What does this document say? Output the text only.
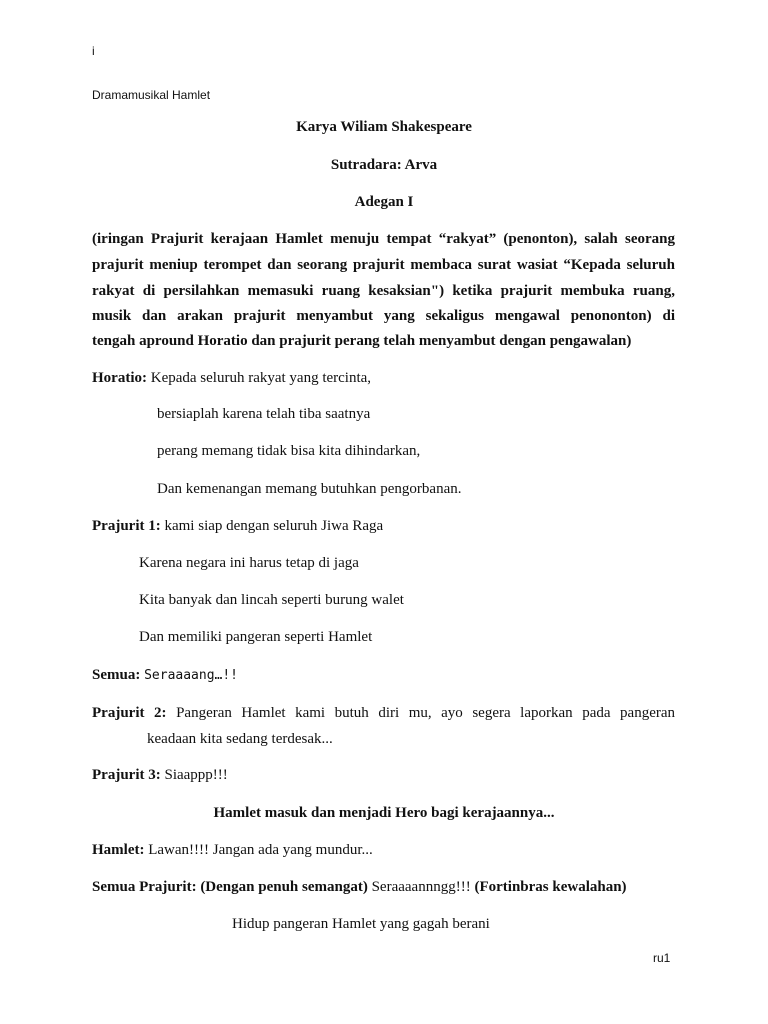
i
Dramamusikal Hamlet
Karya Wiliam Shakespeare
Sutradara: Arva
Adegan I
(iringan Prajurit kerajaan Hamlet menuju tempat “rakyat” (penonton), salah seorang
prajurit meniup terompet dan seorang prajurit membaca surat wasiat “Kepada seluruh
rakyat di persilahkan memasuki ruang kesaksian") ketika prajurit membuka ruang,
musik dan arakan prajurit menyambut yang sekaligus mengawal penononton) di
tengah apround Horatio dan prajurit perang telah menyambut dengan pengawalan)
Horatio: Kepada seluruh rakyat yang tercinta,
bersiaplah karena telah tiba saatnya
perang memang tidak bisa kita dihindarkan,
Dan kemenangan memang butuhkan pengorbanan.
Prajurit 1: kami siap dengan seluruh Jiwa Raga
Karena negara ini harus tetap di jaga
Kita banyak dan lincah seperti burung walet
Dan memiliki pangeran seperti Hamlet
Semua: Seraaaang…!!
Prajurit 2: Pangeran Hamlet kami butuh diri mu, ayo segera laporkan pada pangeran
keadaan kita sedang terdesak...
Prajurit 3: Siaappp!!!
Hamlet masuk dan menjadi Hero bagi kerajaannya...
Hamlet: Lawan!!!! Jangan ada yang mundur...
Semua Prajurit: (Dengan penuh semangat) Seraaaannngg!!! (Fortinbras kewalahan)
Hidup pangeran Hamlet yang gagah berani
ru1
